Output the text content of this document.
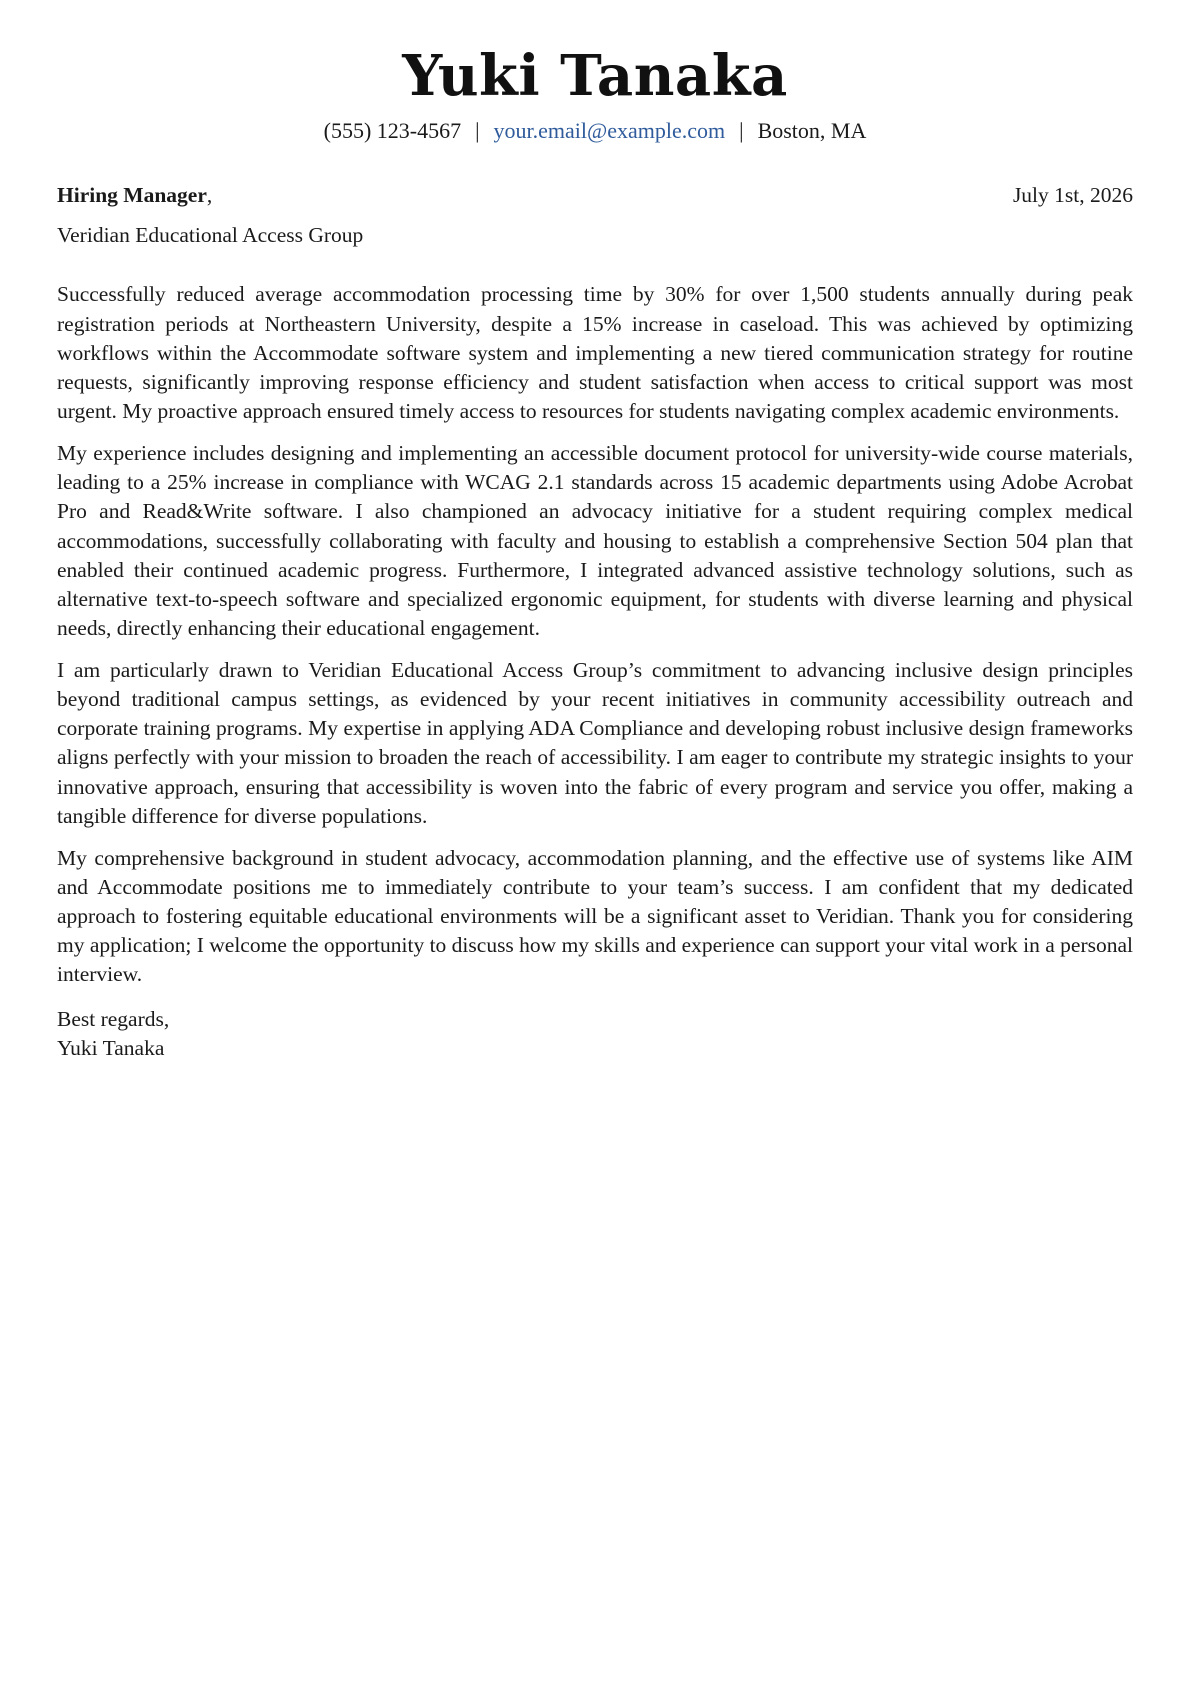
Yuki Tanaka
(555) 123-4567 | your.email@example.com | Boston, MA
Hiring Manager,	July 1st, 2026
Veridian Educational Access Group

Successfully reduced average accommodation processing time by 30% for over 1,500 students annually during peak registration periods at Northeastern University, despite a 15% increase in caseload. This was achieved by optimizing workflows within the Accommodate software system and implementing a new tiered communication strategy for routine requests, significantly improving response efficiency and student satisfaction when access to critical support was most urgent. My proactive approach ensured timely access to resources for students navigating complex academic environments.

My experience includes designing and implementing an accessible document protocol for university-wide course materials, leading to a 25% increase in compliance with WCAG 2.1 standards across 15 academic departments using Adobe Acrobat Pro and Read&Write software. I also championed an advocacy initiative for a student requiring complex medical accommodations, successfully collaborating with faculty and housing to establish a comprehensive Section 504 plan that enabled their continued academic progress. Furthermore, I integrated advanced assistive technology solutions, such as alternative text-to-speech software and specialized ergonomic equipment, for students with diverse learning and physical needs, directly enhancing their educational engagement.

I am particularly drawn to Veridian Educational Access Group’s commitment to advancing inclusive design principles beyond traditional campus settings, as evidenced by your recent initiatives in community accessibility outreach and corporate training programs. My expertise in applying ADA Compliance and developing robust inclusive design frameworks aligns perfectly with your mission to broaden the reach of accessibility. I am eager to contribute my strategic insights to your innovative approach, ensuring that accessibility is woven into the fabric of every program and service you offer, making a tangible difference for diverse populations.

My comprehensive background in student advocacy, accommodation planning, and the effective use of systems like AIM and Accommodate positions me to immediately contribute to your team’s success. I am confident that my dedicated approach to fostering equitable educational environments will be a significant asset to Veridian. Thank you for considering my application; I welcome the opportunity to discuss how my skills and experience can support your vital work in a personal interview.

Best regards,
Yuki Tanaka
